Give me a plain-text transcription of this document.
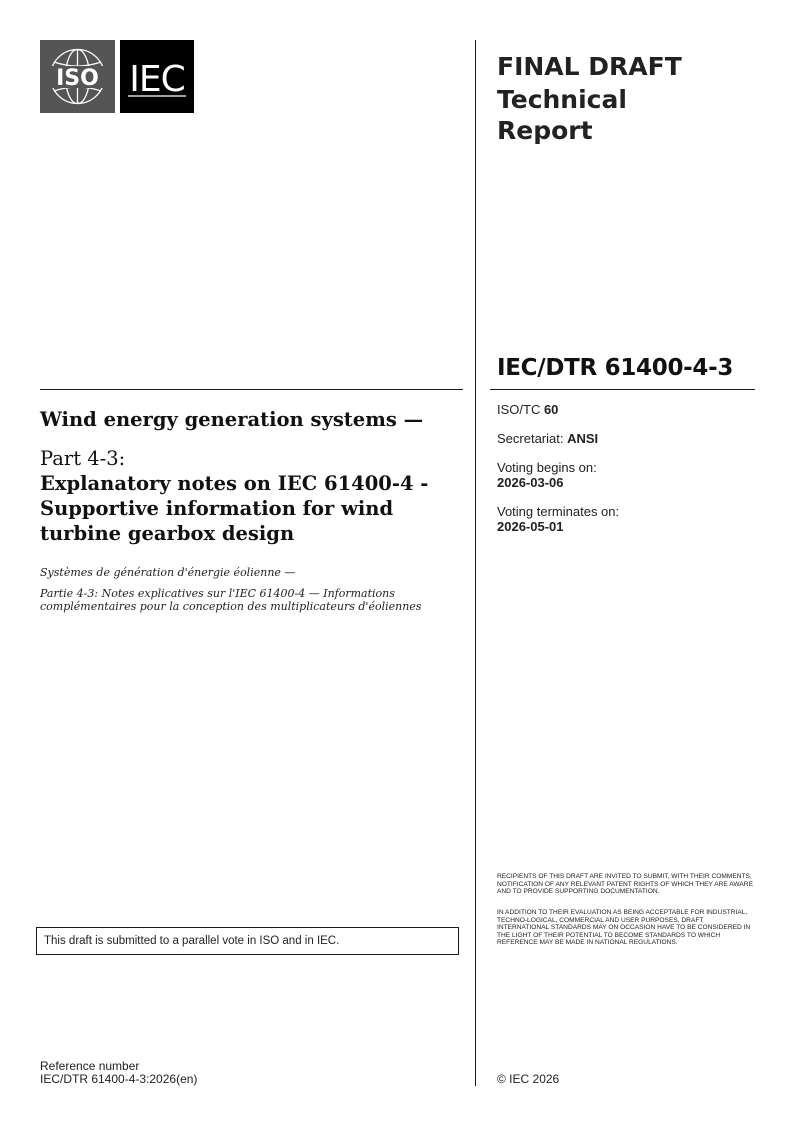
ISO IEC	FINAL DRAFT
Technical
Report
IEC/DTR 61400-4-3
ISO/TC 60
Secretariat: ANSI
Voting begins on:
2026-03-06
Voting terminates on:
2026-05-01
Wind energy generation systems —
Part 4-3:
Explanatory notes on IEC 61400-4 - Supportive information for wind turbine gearbox design
Systèmes de génération d'énergie éolienne —
Partie 4-3: Notes explicatives sur l'IEC 61400-4 — Informations complémentaires pour la conception des multiplicateurs d'éoliennes
This draft is submitted to a parallel vote in ISO and in IEC.
RECIPIENTS OF THIS DRAFT ARE INVITED TO SUBMIT, WITH THEIR COMMENTS, NOTIFICATION OF ANY RELEVANT PATENT RIGHTS OF WHICH THEY ARE AWARE AND TO PROVIDE SUPPORTING DOCUMENTATION.
IN ADDITION TO THEIR EVALUATION AS BEING ACCEPTABLE FOR INDUSTRIAL, TECHNO-LOGICAL, COMMERCIAL AND USER PURPOSES, DRAFT INTERNATIONAL STANDARDS MAY ON OCCASION HAVE TO BE CONSIDERED IN THE LIGHT OF THEIR POTENTIAL TO BECOME STANDARDS TO WHICH REFERENCE MAY BE MADE IN NATIONAL REGULATIONS.
Reference number
IEC/DTR 61400-4-3:2026(en)	© IEC 2026
